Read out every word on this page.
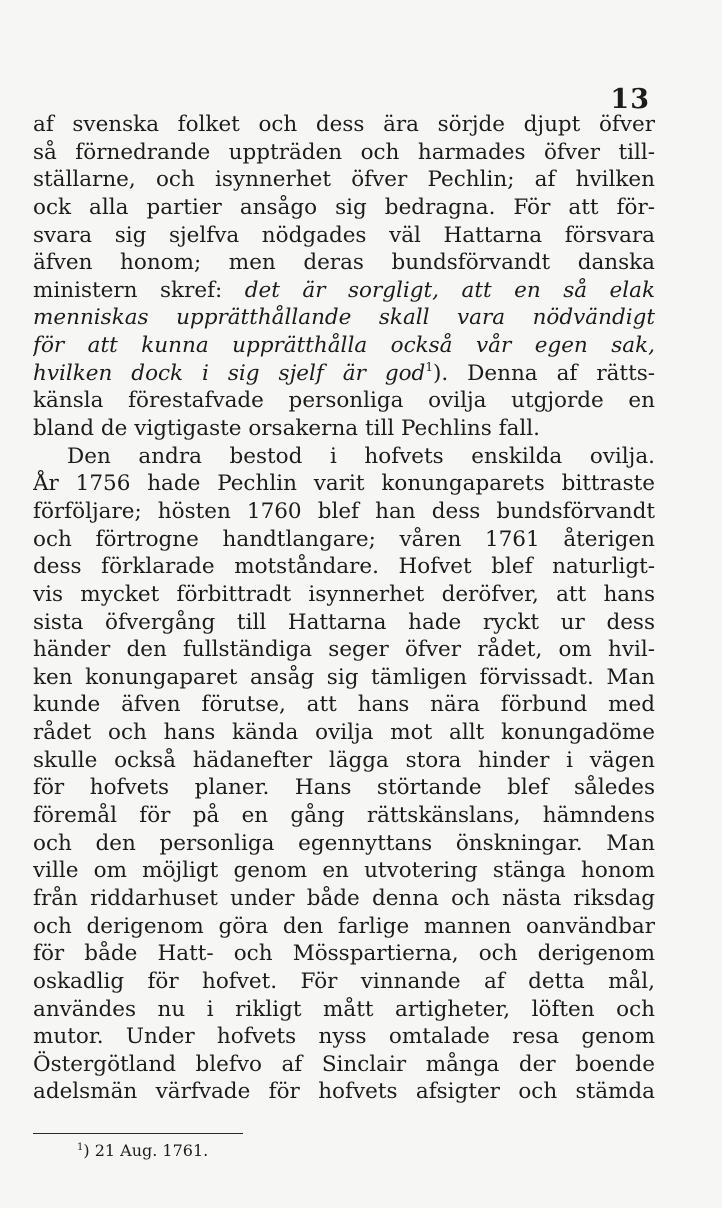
13
af svenska folket och dess ära sörjde djupt öfver
så förnedrande uppträden och harmades öfver till-
ställarne, och isynnerhet öfver Pechlin; af hvilken
ock alla partier ansågo sig bedragna. För att för-
svara sig sjelfva nödgades väl Hattarna försvara
äfven honom; men deras bundsförvandt danska
ministern skref: det är sorgligt, att en så elak
menniskas upprätthållande skall vara nödvändigt
för att kunna upprätthålla också vår egen sak,
hvilken dock i sig sjelf är god$^1$). Denna af rätts-
känsla förestafvade personliga ovilja utgjorde en
bland de vigtigaste orsakerna till Pechlins fall.
Den andra bestod i hofvets enskilda ovilja.
År 1756 hade Pechlin varit konungaparets bittraste
förföljare; hösten 1760 blef han dess bundsförvandt
och förtrogne handtlangare; våren 1761 återigen
dess förklarade motståndare. Hofvet blef naturligt-
vis mycket förbittradt isynnerhet deröfver, att hans
sista öfvergång till Hattarna hade ryckt ur dess
händer den fullständiga seger öfver rådet, om hvil-
ken konungaparet ansåg sig tämligen förvissadt. Man
kunde äfven förutse, att hans nära förbund med
rådet och hans kända ovilja mot allt konungadöme
skulle också hädanefter lägga stora hinder i vägen
för hofvets planer. Hans störtande blef således
föremål för på en gång rättskänslans, hämndens
och den personliga egennyttans önskningar. Man
ville om möjligt genom en utvotering stänga honom
från riddarhuset under både denna och nästa riksdag
och derigenom göra den farlige mannen oanvändbar
för både Hatt- och Mösspartierna, och derigenom
oskadlig för hofvet. För vinnande af detta mål,
användes nu i rikligt mått artigheter, löften och
mutor. Under hofvets nyss omtalade resa genom
Östergötland blefvo af Sinclair många der boende
adelsmän värfvade för hofvets afsigter och stämda
$^1$) 21 Aug. 1761.
